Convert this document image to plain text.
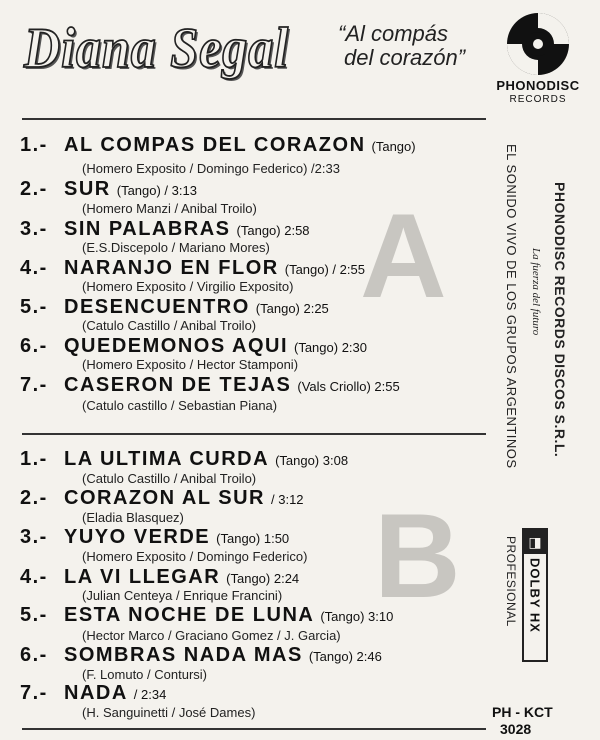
Diana Segal “Al compás
del corazón”
PHONODISC
RECORDS
A
B
1.- AL COMPAS DEL CORAZON (Tango)
(Homero Exposito / Domingo Federico) /2:33
2.- SUR (Tango) / 3:13
(Homero Manzi / Anibal Troilo)
3.- SIN PALABRAS (Tango) 2:58
(E.S.Discepolo / Mariano Mores)
4.- NARANJO EN FLOR (Tango) / 2:55
(Homero Exposito / Virgilio Exposito)
5.- DESENCUENTRO (Tango) 2:25
(Catulo Castillo / Anibal Troilo)
6.- QUEDEMONOS AQUI (Tango) 2:30
(Homero Exposito / Hector Stamponi)
7.- CASERON DE TEJAS (Vals Criollo) 2:55
(Catulo castillo / Sebastian Piana)
1.- LA ULTIMA CURDA (Tango) 3:08
(Catulo Castillo / Anibal Troilo)
2.- CORAZON AL SUR / 3:12
(Eladia Blasquez)
3.- YUYO VERDE (Tango) 1:50
(Homero Exposito / Domingo Federico)
4.- LA VI LLEGAR (Tango) 2:24
(Julian Centeya / Enrique Francini)
5.- ESTA NOCHE DE LUNA (Tango) 3:10
(Hector Marco / Graciano Gomez / J. Garcia)
6.- SOMBRAS NADA MAS (Tango) 2:46
(F. Lomuto / Contursi)
7.- NADA / 2:34
(H. Sanguinetti / José Dames)
PHONODISC RECORDS DISCOS S.R.L.
La fuerza del futuro
EL SONIDO VIVO DE LOS GRUPOS ARGENTINOS
◨
DOLBY HX
PROFESIONAL
PH - KCT
3028
